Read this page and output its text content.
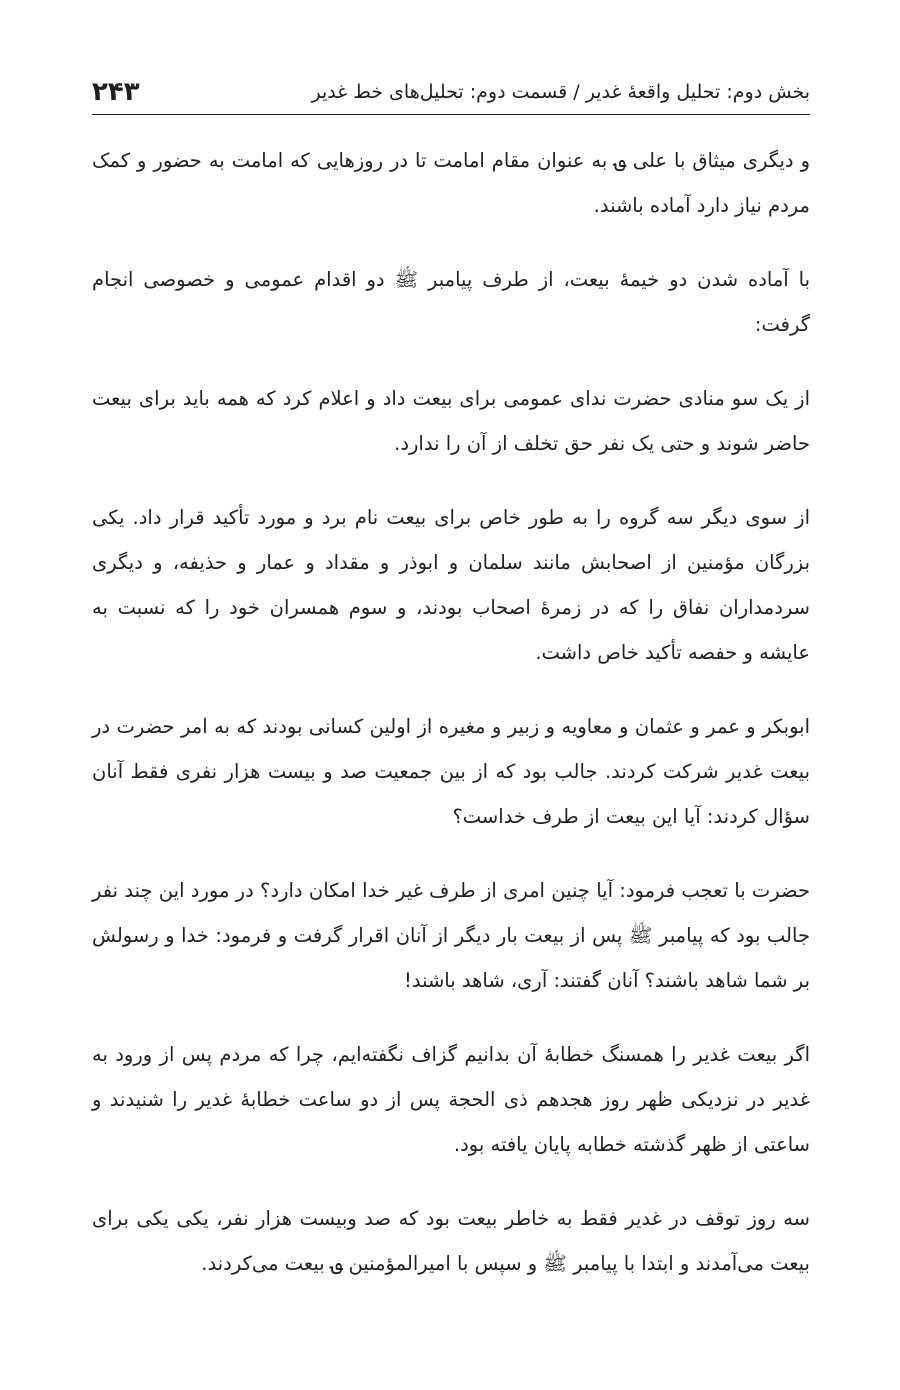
بخش دوم: تحلیل واقعۀ غدیر / قسمت دوم: تحلیل‌های خط غدیر
۲۴۳

و دیگری میثاق با علی ؈ به عنوان مقام امامت تا در روزهایی که امامت به حضور و کمک مردم نیاز دارد آماده باشند.

با آماده شدن دو خیمۀ بیعت، از طرف پیامبر ﷺ دو اقدام عمومی و خصوصی انجام گرفت:

از یک سو منادی حضرت ندای عمومی برای بیعت داد و اعلام کرد که همه باید برای بیعت حاضر شوند و حتی یک نفر حق تخلف از آن را ندارد.

از سوی دیگر سه گروه را به طور خاص برای بیعت نام برد و مورد تأکید قرار داد. یکی بزرگان مؤمنین از اصحابش مانند سلمان و ابوذر و مقداد و عمار و حذیفه، و دیگری سردمداران نفاق را که در زمرۀ اصحاب بودند، و سوم همسران خود را که نسبت به عایشه و حفصه تأکید خاص داشت.

ابوبکر و عمر و عثمان و معاویه و زبیر و مغیره از اولین کسانی بودند که به امر حضرت در بیعت غدیر شرکت کردند. جالب بود که از بین جمعیت صد و بیست هزار نفری فقط آنان سؤال کردند: آیا این بیعت از طرف خداست؟

حضرت با تعجب فرمود: آیا چنین امری از طرف غیر خدا امکان دارد؟ در مورد این چند نفر جالب بود که پیامبر ﷺ پس از بیعت بار دیگر از آنان اقرار گرفت و فرمود: خدا و رسولش بر شما شاهد باشند؟ آنان گفتند: آری، شاهد باشند!

اگر بیعت غدیر را همسنگ خطابۀ آن بدانیم گزاف نگفته‌ایم، چرا که مردم پس از ورود به غدیر در نزدیکی ظهر روز هجدهم ذی الحجة پس از دو ساعت خطابۀ غدیر را شنیدند و ساعتی از ظهر گذشته خطابه پایان یافته بود.

سه روز توقف در غدیر فقط به خاطر بیعت بود که صد وبیست هزار نفر، یکی یکی برای بیعت می‌آمدند و ابتدا با پیامبر ﷺ و سپس با امیرالمؤمنین ؈ بیعت می‌کردند.
